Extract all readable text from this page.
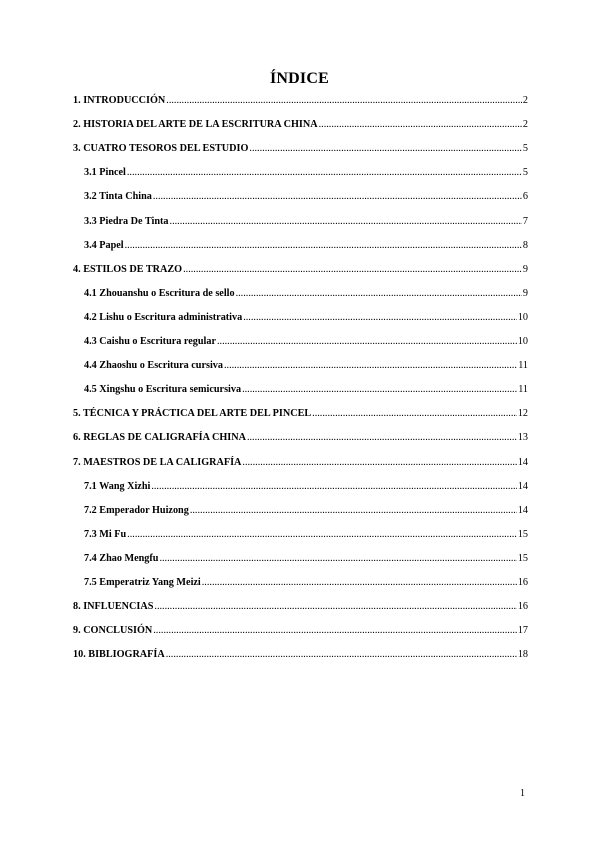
ÍNDICE
1. INTRODUCCIÓN .....	2
2. HISTORIA DEL ARTE DE LA ESCRITURA CHINA .....	2
3. CUATRO TESOROS DEL ESTUDIO .....	5
3.1 Pincel .....	5
3.2 Tinta China .....	6
3.3 Piedra De Tinta .....	7
3.4 Papel .....	8
4. ESTILOS DE TRAZO .....	9
4.1 Zhouanshu o Escritura de sello .....	9
4.2 Lishu o Escritura administrativa .....	10
4.3 Caishu o Escritura regular .....	10
4.4 Zhaoshu o Escritura cursiva .....	11
4.5 Xingshu o Escritura semicursiva .....	11
5. TÉCNICA Y PRÁCTICA DEL ARTE DEL PINCEL .....	12
6. REGLAS DE CALIGRAFÍA CHINA .....	13
7. MAESTROS DE LA CALIGRAFÍA .....	14
7.1 Wang Xizhi .....	14
7.2 Emperador Huizong .....	14
7.3 Mi Fu .....	15
7.4 Zhao Mengfu .....	15
7.5 Emperatriz Yang Meizi .....	16
8. INFLUENCIAS .....	16
9. CONCLUSIÓN .....	17
10. BIBLIOGRAFÍA .....	18
1
